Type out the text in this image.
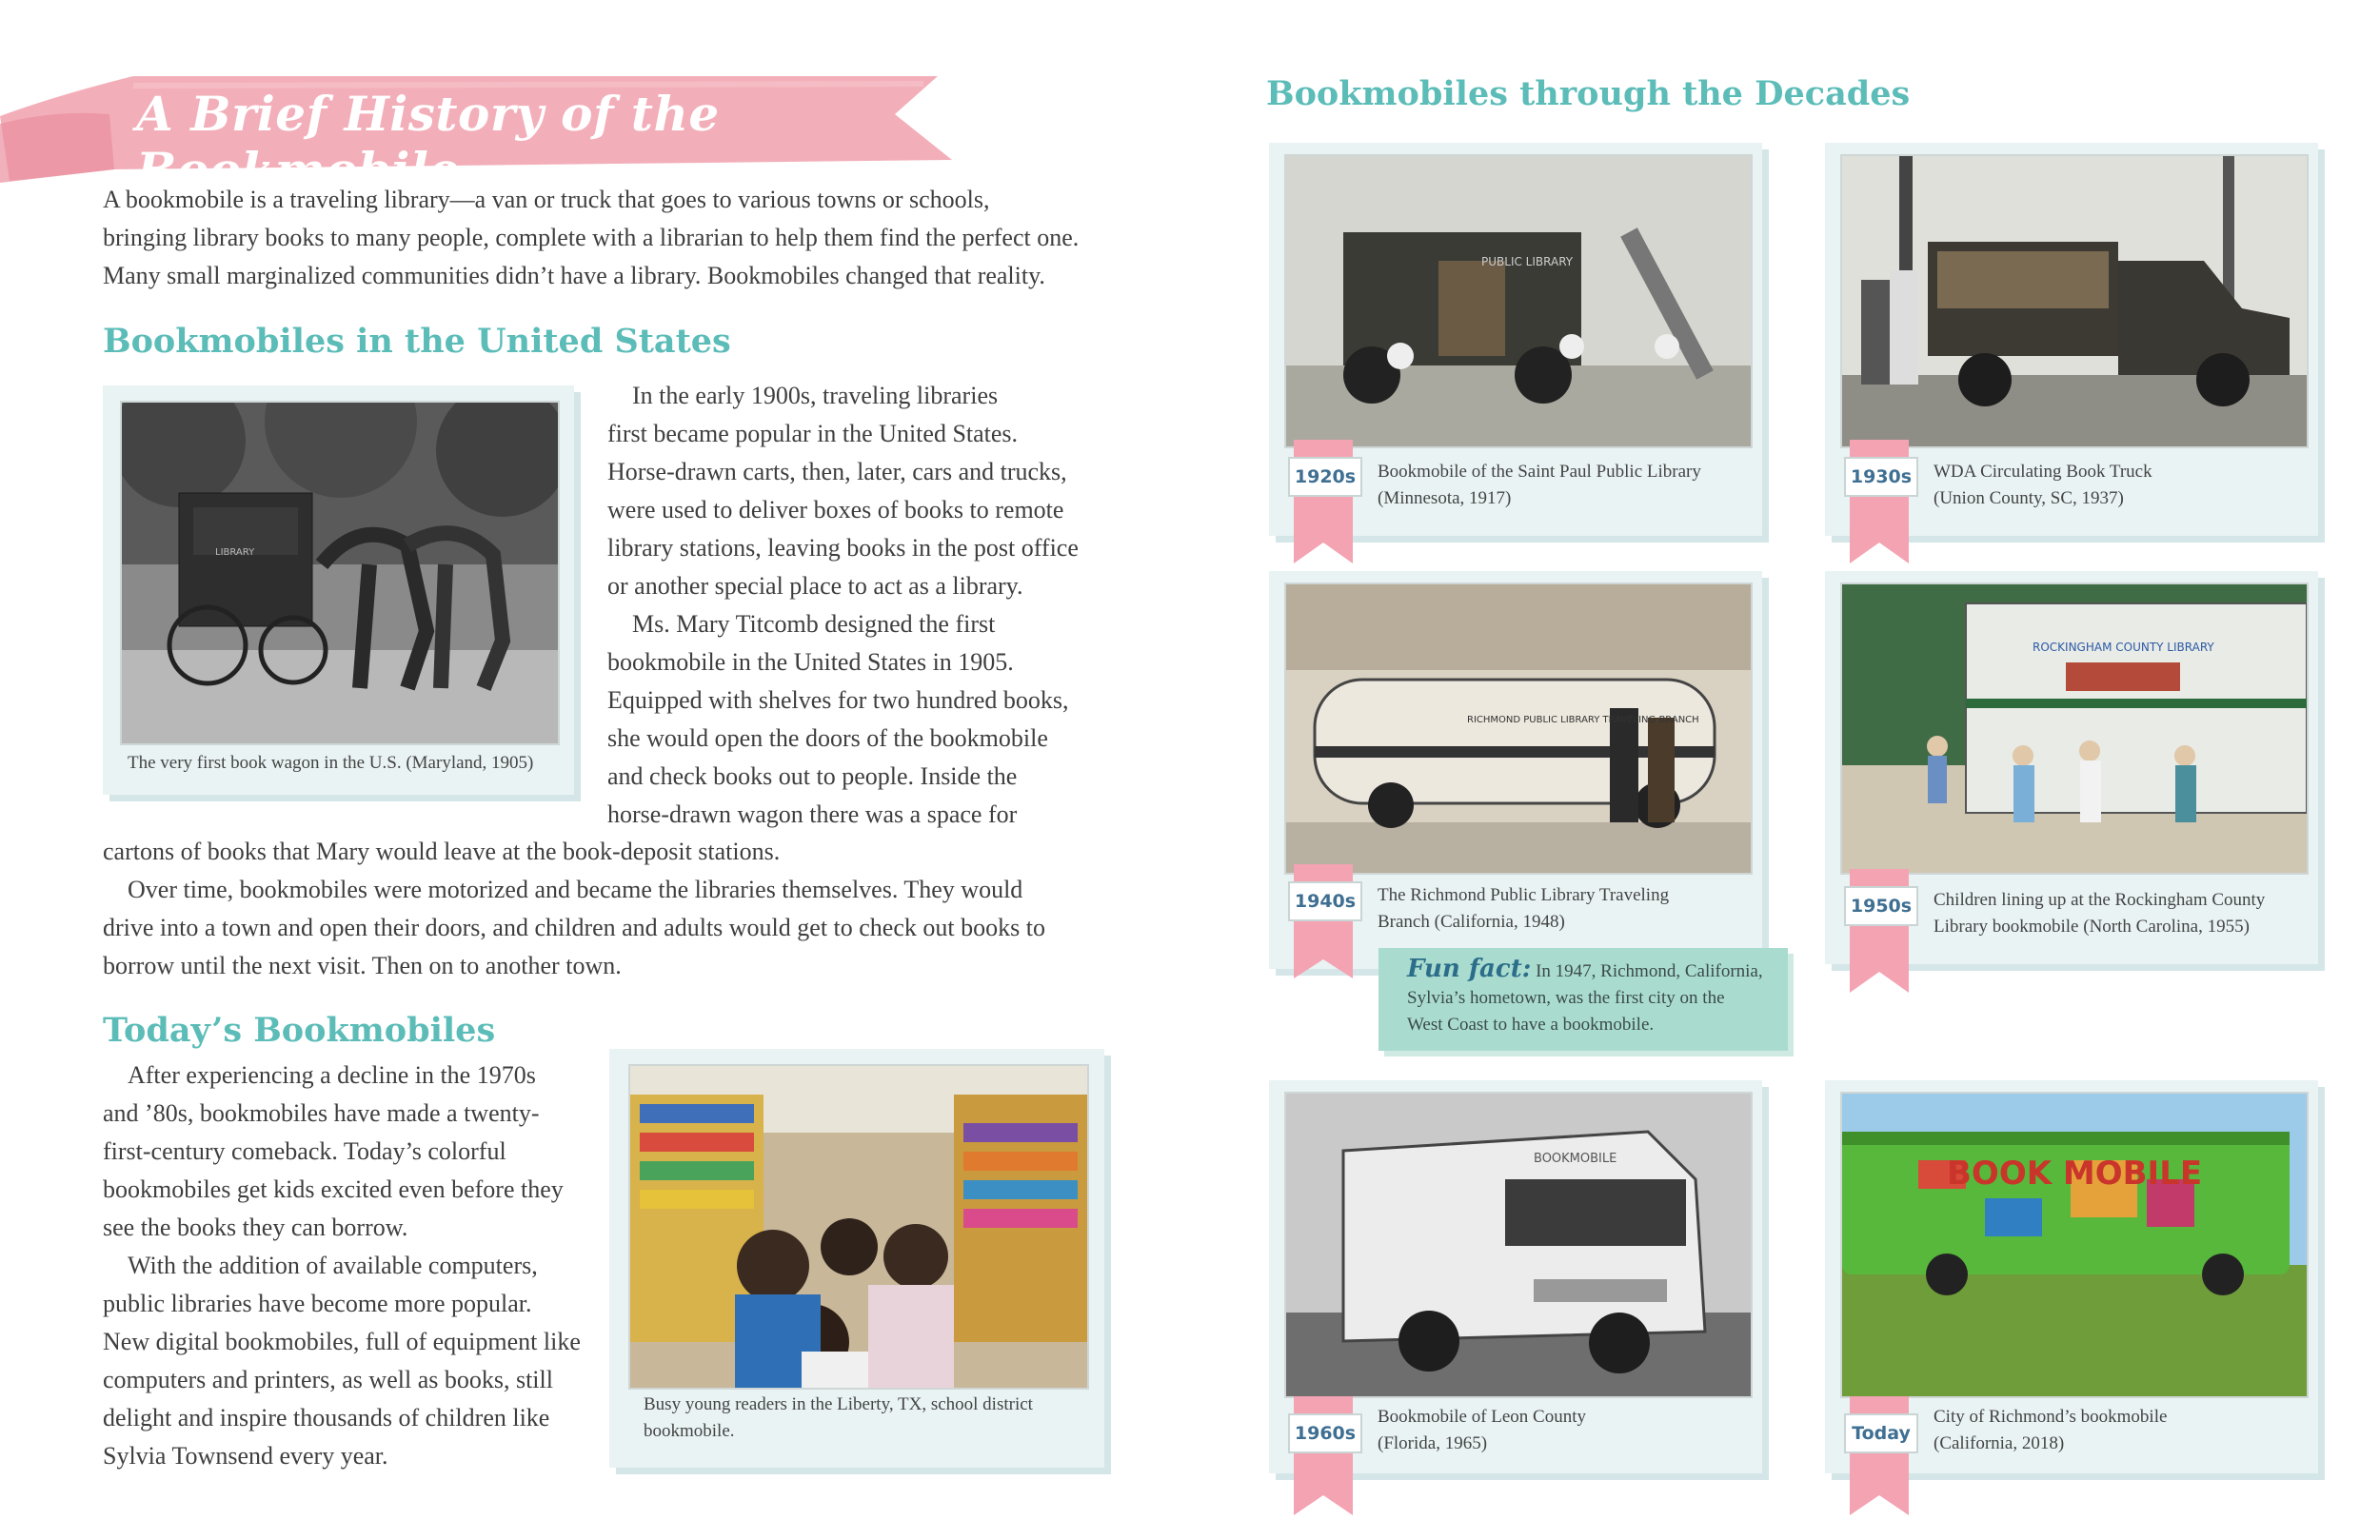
A Brief History of the Bookmobile
A bookmobile is a traveling library—a van or truck that goes to various towns or schools,
bringing library books to many people, complete with a librarian to help them find the perfect one.
Many small marginalized communities didn’t have a library. Bookmobiles changed that reality.
Bookmobiles in the United States
LIBRARY
The very first book wagon in the U.S. (Maryland, 1905)
 In the early 1900s, traveling libraries
first became popular in the United States.
Horse-drawn carts, then, later, cars and trucks,
were used to deliver boxes of books to remote
library stations, leaving books in the post office
or another special place to act as a library.
 Ms. Mary Titcomb designed the first
bookmobile in the United States in 1905.
Equipped with shelves for two hundred books,
she would open the doors of the bookmobile
and check books out to people. Inside the
horse-drawn wagon there was a space for
cartons of books that Mary would leave at the book-deposit stations.
 Over time, bookmobiles were motorized and became the libraries themselves. They would
drive into a town and open their doors, and children and adults would get to check out books to
borrow until the next visit. Then on to another town.
Today’s Bookmobiles
 After experiencing a decline in the 1970s
and ’80s, bookmobiles have made a twenty-
first-century comeback. Today’s colorful
bookmobiles get kids excited even before they
see the books they can borrow.
 With the addition of available computers,
public libraries have become more popular.
New digital bookmobiles, full of equipment like
computers and printers, as well as books, still
delight and inspire thousands of children like
Sylvia Townsend every year.
Busy young readers in the Liberty, TX, school district
bookmobile.
Bookmobiles through the Decades
PUBLIC LIBRARY
Bookmobile of the Saint Paul Public Library
(Minnesota, 1917)
1920s	WDA Circulating Book Truck
(Union County, SC, 1937)
1930s
RICHMOND PUBLIC LIBRARY TRAVELING BRANCH
The Richmond Public Library Traveling
Branch (California, 1948)
1940s
ROCKINGHAM COUNTY LIBRARY
Children lining up at the Rockingham County
Library bookmobile (North Carolina, 1955)
1950s
Fun fact: In 1947, Richmond, California,
Sylvia’s hometown, was the first city on the
West Coast to have a bookmobile.
BOOKMOBILE
Bookmobile of Leon County
(Florida, 1965)
1960s
BOOK MOBILE
City of Richmond’s bookmobile
(California, 2018)
Today
